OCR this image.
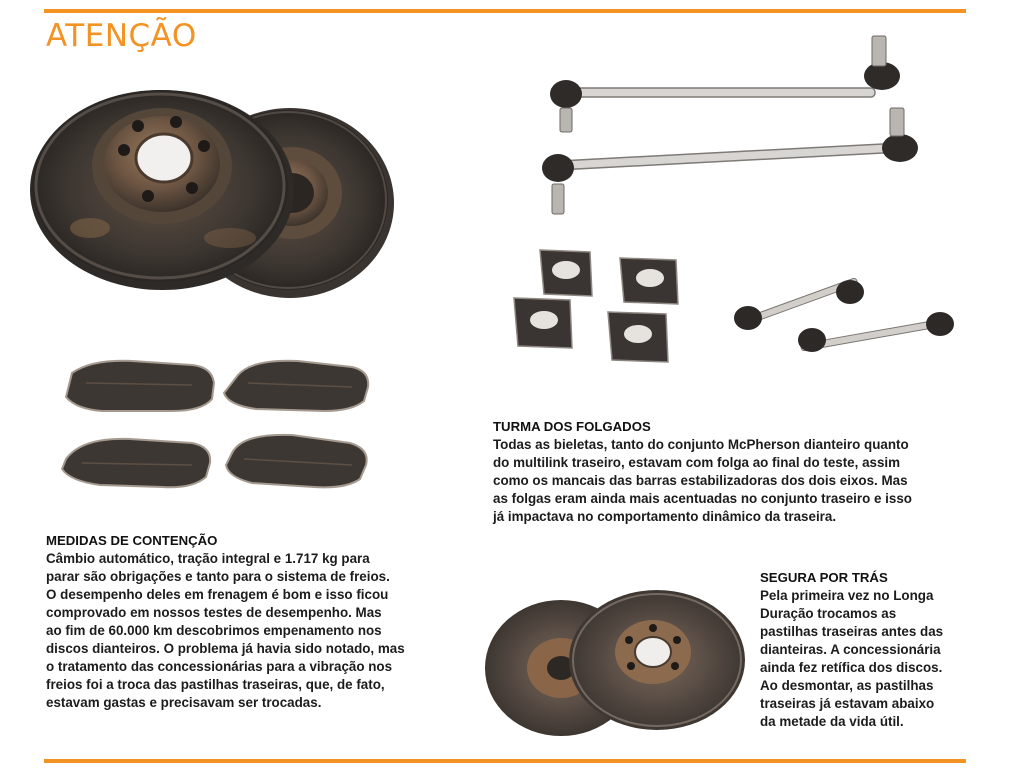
ATENÇÃO
MEDIDAS DE CONTENÇÃO
Câmbio automático, tração integral e 1.717 kg para
parar são obrigações e tanto para o sistema de freios.
O desempenho deles em frenagem é bom e isso ficou
comprovado em nossos testes de desempenho. Mas
ao fim de 60.000 km descobrimos empenamento nos
discos dianteiros. O problema já havia sido notado, mas
o tratamento das concessionárias para a vibração nos
freios foi a troca das pastilhas traseiras, que, de fato,
estavam gastas e precisavam ser trocadas.
TURMA DOS FOLGADOS
Todas as bieletas, tanto do conjunto McPherson dianteiro quanto
do multilink traseiro, estavam com folga ao final do teste, assim
como os mancais das barras estabilizadoras dos dois eixos. Mas
as folgas eram ainda mais acentuadas no conjunto traseiro e isso
já impactava no comportamento dinâmico da traseira.
SEGURA POR TRÁS
Pela primeira vez no Longa
Duração trocamos as
pastilhas traseiras antes das
dianteiras. A concessionária
ainda fez retífica dos discos.
Ao desmontar, as pastilhas
traseiras já estavam abaixo
da metade da vida útil.
